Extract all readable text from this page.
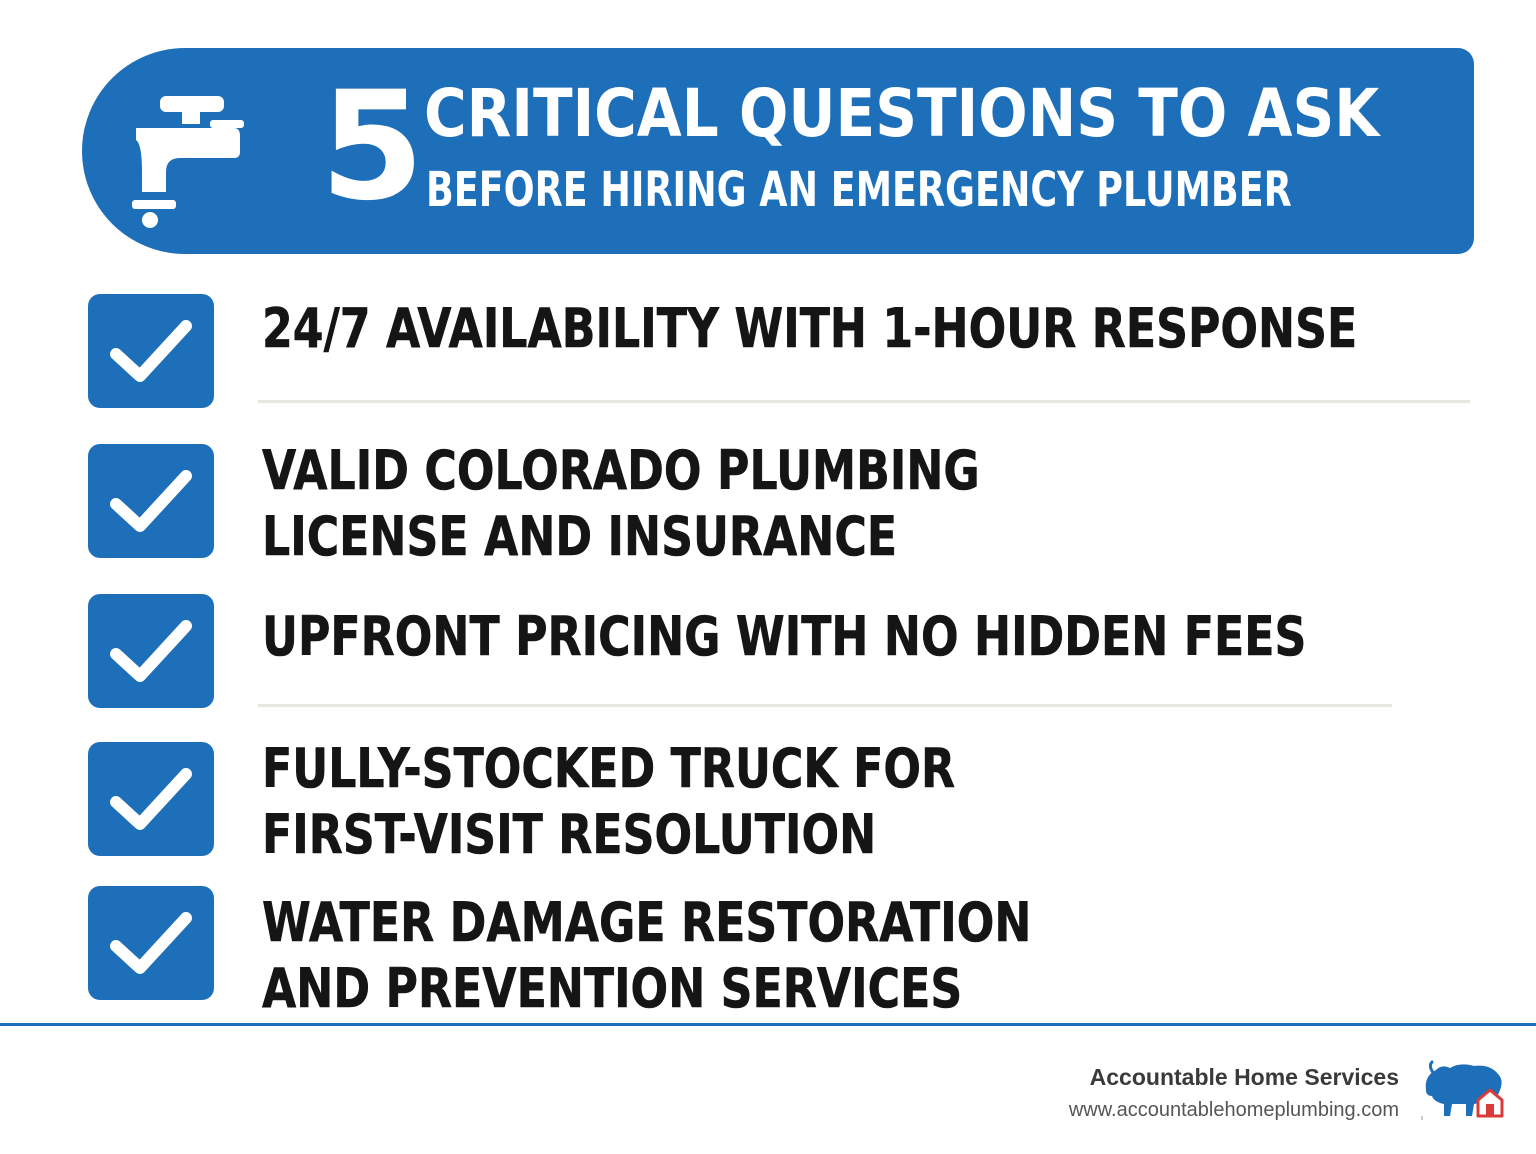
5 CRITICAL QUESTIONS TO ASK
BEFORE HIRING AN EMERGENCY PLUMBER
24/7 AVAILABILITY WITH 1-HOUR RESPONSE
VALID COLORADO PLUMBING
LICENSE AND INSURANCE
UPFRONT PRICING WITH NO HIDDEN FEES
FULLY-STOCKED TRUCK FOR
FIRST-VISIT RESOLUTION
WATER DAMAGE RESTORATION
AND PREVENTION SERVICES
Accountable Home Services
www.accountablehomeplumbing.com
